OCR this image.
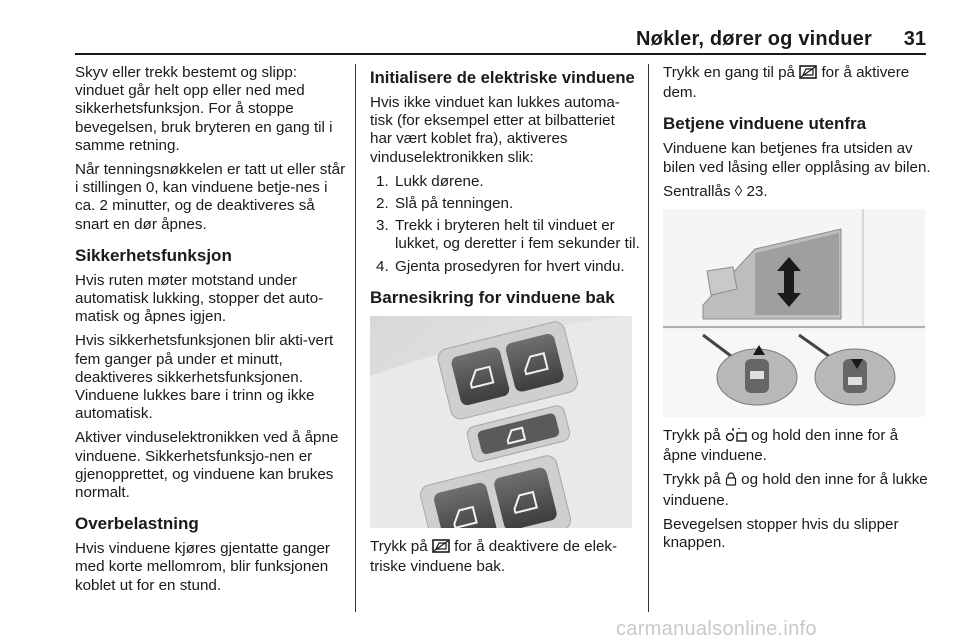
Nøkler, dører og vinduer 31

Skyv eller trekk bestemt og slipp: vinduet går helt opp eller ned med sikkerhetsfunksjon. For å stoppe bevegelsen, bruk bryteren en gang til i samme retning.

Når tenningsnøkkelen er tatt ut eller står i stillingen 0, kan vinduene betje-nes i ca. 2 minutter, og de deaktiveres så snart en dør åpnes.

Sikkerhetsfunksjon

Hvis ruten møter motstand under automatisk lukking, stopper det auto-matisk og åpnes igjen.

Hvis sikkerhetsfunksjonen blir akti-vert fem ganger på under et minutt, deaktiveres sikkerhetsfunksjonen. Vinduene lukkes bare i trinn og ikke automatisk.

Aktiver vinduselektronikken ved å åpne vinduene. Sikkerhetsfunksjo-nen er gjenopprettet, og vinduene kan brukes normalt.

Overbelastning

Hvis vinduene kjøres gjentatte ganger med korte mellomrom, blir funksjonen koblet ut for en stund.

Initialisere de elektriske vinduene

Hvis ikke vinduet kan lukkes automa-tisk (for eksempel etter at bilbatteriet har vært koblet fra), aktiveres vinduselektronikken slik:

1. Lukk dørene.
2. Slå på tenningen.
3. Trekk i bryteren helt til vinduet er lukket, og deretter i fem sekunder til.
4. Gjenta prosedyren for hvert vindu.
Barnesikring for vinduene bak

Trykk på for å deaktivere de elek-triske vinduene bak.

Trykk en gang til på for å aktivere dem.

Betjene vinduene utenfra

Vinduene kan betjenes fra utsiden av bilen ved låsing eller opplåsing av bilen.

Sentrallås ◊ 23.

Trykk på og hold den inne for å åpne vinduene.

Trykk på og hold den inne for å lukke vinduene.

Bevegelsen stopper hvis du slipper knappen.

carmanualsonline.info
